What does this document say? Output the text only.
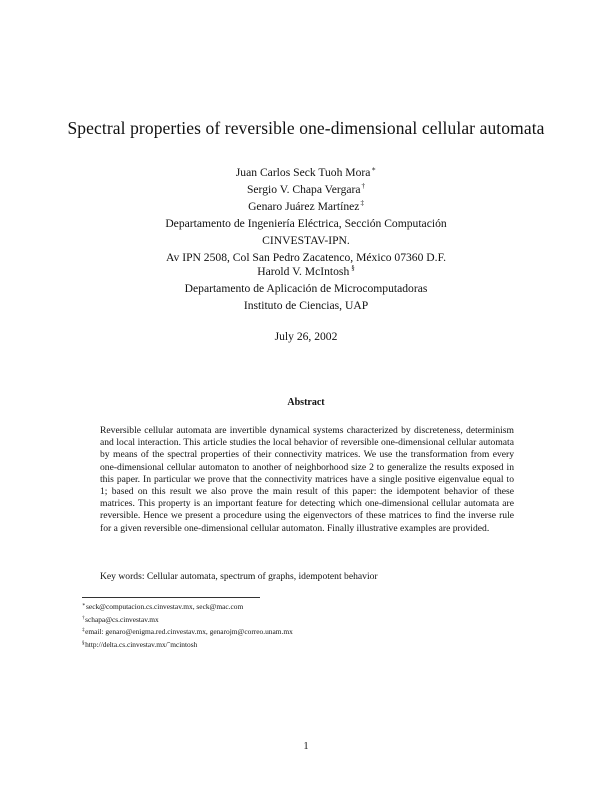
Spectral properties of reversible one-dimensional cellular automata
Juan Carlos Seck Tuoh Mora∗
Sergio V. Chapa Vergara†
Genaro Juárez Martínez‡
Departamento de Ingeniería Eléctrica, Sección Computación
CINVESTAV-IPN.
Av IPN 2508, Col San Pedro Zacatenco, México 07360 D.F.
Harold V. McIntosh §
Departamento de Aplicación de Microcomputadoras
Instituto de Ciencias, UAP
July 26, 2002
Abstract
Reversible cellular automata are invertible dynamical systems characterized by discreteness, determinism and local interaction. This article studies the local behavior of reversible one-dimensional cellular automata by means of the spectral properties of their connectivity matrices. We use the transformation from every one-dimensional cellular automaton to another of neighborhood size 2 to generalize the results exposed in this paper. In particular we prove that the connectivity matrices have a single positive eigenvalue equal to 1; based on this result we also prove the main result of this paper: the idempotent behavior of these matrices. This property is an important feature for detecting which one-dimensional cellular automata are reversible. Hence we present a procedure using the eigenvectors of these matrices to find the inverse rule for a given reversible one-dimensional cellular automaton. Finally illustrative examples are provided.
Key words: Cellular automata, spectrum of graphs, idempotent behavior
∗seck@computacion.cs.cinvestav.mx, seck@mac.com
†schapa@cs.cinvestav.mx
‡email: genaro@enigma.red.cinvestav.mx, genarojm@correo.unam.mx
§http://delta.cs.cinvestav.mx/˜mcintosh
1
